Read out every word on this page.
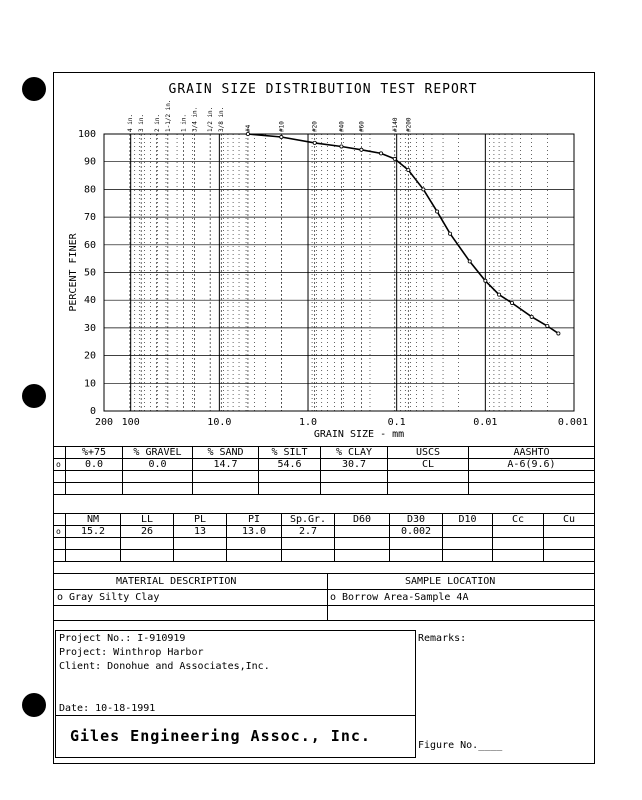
GRAIN SIZE DISTRIBUTION TEST REPORT
0
10
20
30
40
50
60
70
80
90
100
4 in. 3 in. 2 in. 1-1/2 in. 1 in. 3/4 in. 1/2 in. 3/8 in.	#4	#10	#20	#40 #60	#140 #200
200 100	10.0	1.0	0.1	0.01	0.001
GRAIN SIZE - mm
PERCENT FINER
	%+75	% GRAVEL	% SAND	% SILT	% CLAY	USCS	AASHTO
o	0.0	0.0	14.7	54.6	30.7	CL	A-6(9.6)

	NM	LL	PL	PI	Sp.Gr.	D60	D30	D10	Cc	Cu
o	15.2	26	13	13.0	2.7		0.002			

MATERIAL DESCRIPTION	SAMPLE LOCATION
o Gray Silty Clay	o Borrow Area-Sample 4A
Project No.: I-910919
Project: Winthrop Harbor
Client: Donohue and Associates,Inc.
Date: 10-18-1991
Giles Engineering Assoc., Inc.
Remarks:
Figure No.____
